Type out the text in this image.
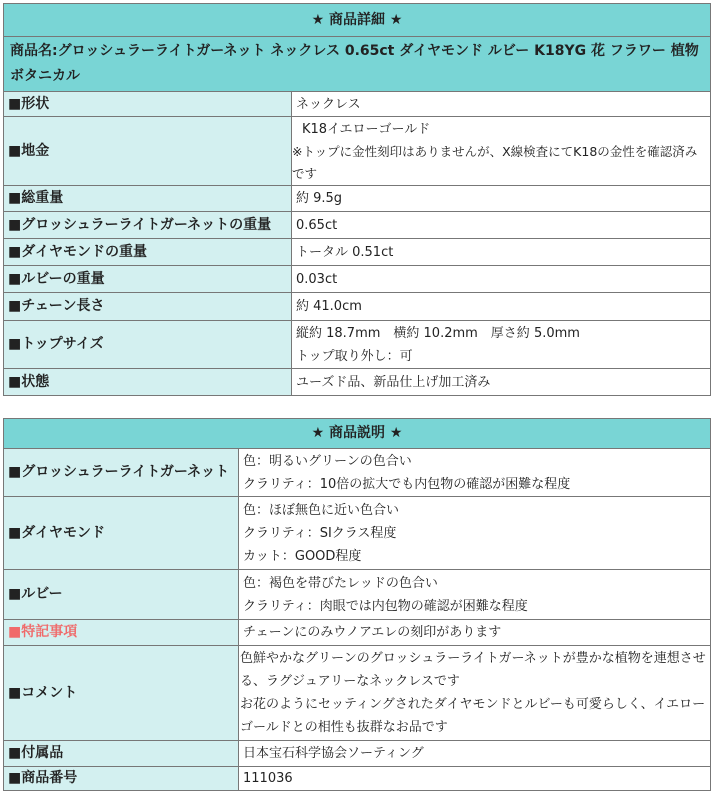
★ 商品詳細 ★	
商品名:グロッシュラーライトガーネット ネックレス 0.65ct ダイヤモンド ルビー K18YG 花 フラワー 植物 ボタニカル	
■形状	ネックレス

■地金	K18イエローゴールド
※トップに金性刻印はありませんが、X線検査にてK18の金性を確認済みです

■総重量	約 9.5g

■グロッシュラーライトガーネットの重量	0.65ct

■ダイヤモンドの重量	トータル 0.51ct

■ルビーの重量	0.03ct

■チェーン長さ	約 41.0cm

■トップサイズ	縦約 18.7mm　横約 10.2mm　厚さ約 5.0mm
トップ取り外し：可

■状態	ユーズド品、新品仕上げ加工済み
★ 商品説明 ★	
■グロッシュラーライトガーネット	色：明るいグリーンの色合い
クラリティ：10倍の拡大でも内包物の確認が困難な程度

■ダイヤモンド	色：ほぼ無色に近い色合い
クラリティ：SIクラス程度
カット：GOOD程度

■ルビー	色：褐色を帯びたレッドの色合い
クラリティ：肉眼では内包物の確認が困難な程度

■特記事項	チェーンにのみウノアエレの刻印があります

■コメント	色鮮やかなグリーンのグロッシュラーライトガーネットが豊かな植物を連想させる、ラグジュアリーなネックレスです
お花のようにセッティングされたダイヤモンドとルビーも可愛らしく、イエローゴールドとの相性も抜群なお品です

■付属品	日本宝石科学協会ソーティング

■商品番号	111036
